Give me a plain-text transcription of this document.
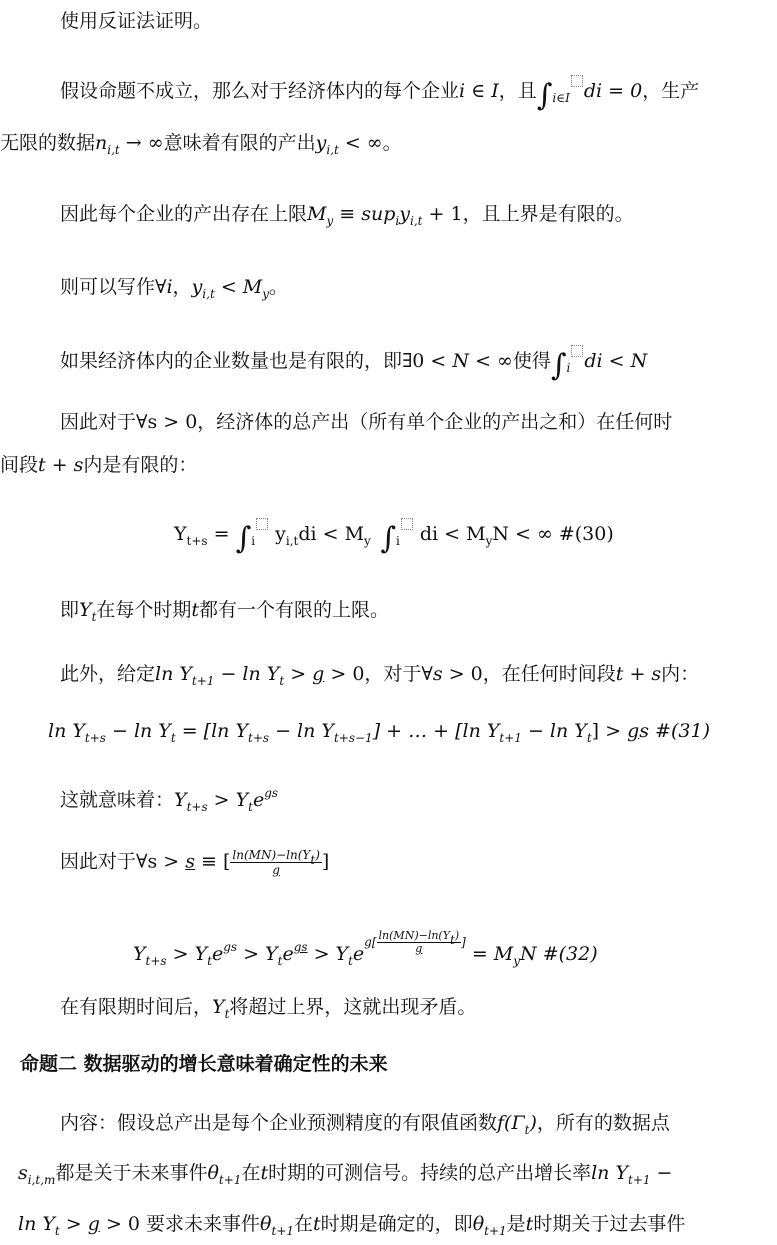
使用反证法证明。
假设命题不成立，那么对于经济体内的每个企业i ∈ I，且$\int_{i\in I}$ di = 0，生产
无限的数据$n_{i,t}$ → ∞意味着有限的产出$y_{i,t}$ < ∞。
因此每个企业的产出存在上限$M_y \equiv sup_iy_{i,t} + 1$，且上界是有限的。
则可以写作∀i，$y_{i,t} < M_y$。
如果经济体内的企业数量也是有限的，即∃0 < N < ∞使得$\int_i$ di < N
因此对于∀s > 0，经济体的总产出（所有单个企业的产出之和）在任何时
间段t + s内是有限的：
$Y_{t+s} = \int_i$ $y_{i,t}di < M_y$ $\int_i$ di < $M_yN$ < ∞ #(30)
即$Y_t$在每个时期t都有一个有限的上限。
此外，给定$\ln Y_{t+1} - \ln Y_t > g > 0$，对于∀s > 0，在任何时间段t + s内：
$\ln Y_{t+s} - \ln Y_t = [\ln$ $Y_{t+s} - \ln Y_{t+s-1}$] + … + [ln $Y_{t+1} - \ln Y_t$] > gs #(31)
这就意味着：$Y_{t+s} > Y_te^{gs}$
因此对于∀s > s ≡ [ $\frac{\ln(MN)-\ln(Y_t)}{g}$ ]
$Y_{t+s} > Y_te^{gs} > Y_te^{gs} > Y_teg[ \frac{\ln(MN)-\ln(Y_t)}{g}$ ] = $M_yN$ #(32)
在有限期时间后，$Y_t$将超过上界，这就出现矛盾。
命题二 数据驱动的增长意味着确定性的未来
内容：假设总产出是每个企业预测精度的有限值函数$f(\Gamma_t)$，所有的数据点
$s_{i,t,m}$都是关于未来事件$\theta_{t+1}$在t时期的可测信号。持续的总产出增长率$\ln Y_{t+1}$ −
$\ln Y_t > g > 0$ 要求未来事件$\theta_{t+1}$在t时期是确定的，即$\theta_{t+1}$是t时期关于过去事件
